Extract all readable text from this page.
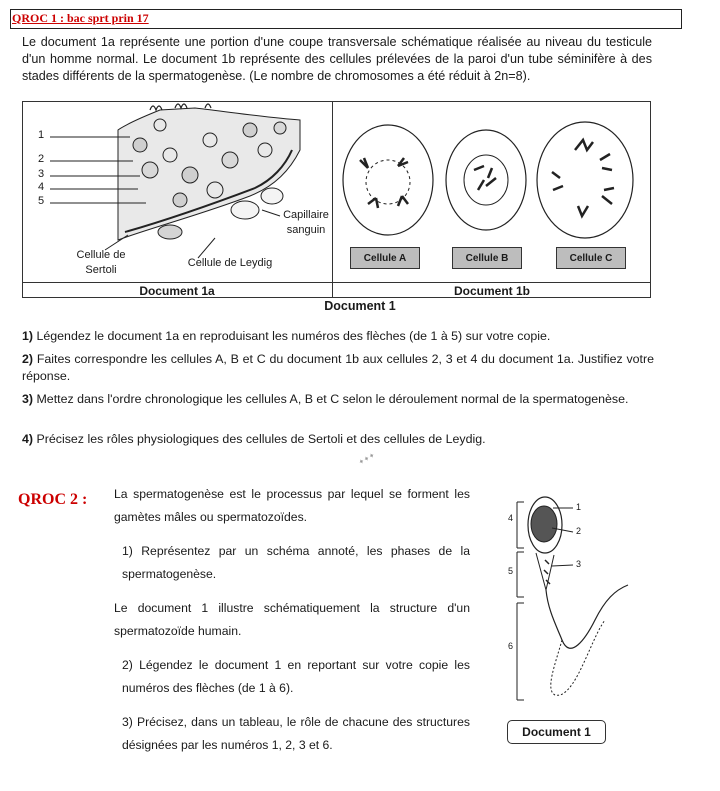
QROC 1 : bac sprt prin 17
Le document 1a représente une portion d'une coupe transversale schématique réalisée au niveau du testicule d'un homme normal. Le document 1b représente des cellules prélevées de la paroi d'un tube séminifère à des stades différents de la spermatogenèse. (Le nombre de chromosomes a été réduit à 2n=8).
1
2
3
4
5
Capillaire
sanguin
Cellule de
Sertoli
Cellule de Leydig	Cellule A	Cellule B	Cellule C
Document 1a	Document 1b
Document 1
1) Légendez le document 1a en reproduisant les numéros des flèches (de 1 à 5) sur votre copie.
2) Faites correspondre les cellules A, B et C du document 1b aux cellules 2, 3 et 4 du document 1a. Justifiez votre réponse.
3) Mettez dans l'ordre chronologique les cellules A, B et C selon le déroulement normal de la spermatogenèse.
4) Précisez les rôles physiologiques des cellules de Sertoli et des cellules de Leydig.
✦✦✦
QROC 2 : La spermatogenèse est le processus par lequel se forment les gamètes mâles ou spermatozoïdes.
1) Représentez par un schéma annoté, les phases de la spermatogenèse.
Le document 1 illustre schématiquement la structure d'un spermatozoïde humain.
2) Légendez le document 1 en reportant sur votre copie les numéros des flèches (de 1 à 6).
3) Précisez, dans un tableau, le rôle de chacune des structures désignées par les numéros 1, 2, 3 et 6.
1
2
3
4
5
6
Document 1
